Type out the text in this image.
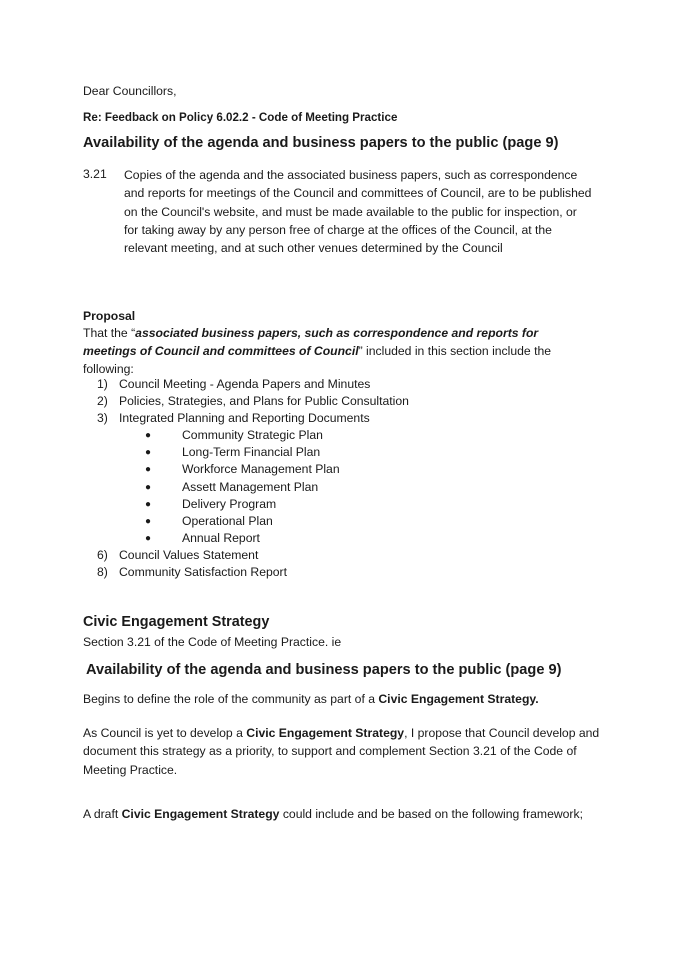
Dear Councillors,
Re: Feedback on Policy 6.02.2 - Code of Meeting Practice
Availability of the agenda and business papers to the public (page 9)
3.21 Copies of the agenda and the associated business papers, such as correspondence and reports for meetings of the Council and committees of Council, are to be published on the Council's website, and must be made available to the public for inspection, or for taking away by any person free of charge at the offices of the Council, at the relevant meeting, and at such other venues determined by the Council
Proposal
That the “associated business papers, such as correspondence and reports for meetings of Council and committees of Council” included in this section include the following:
1) Council Meeting - Agenda Papers and Minutes
2) Policies, Strategies, and Plans for Public Consultation
3) Integrated Planning and Reporting Documents
●	Community Strategic Plan
●	Long-Term Financial Plan
●	Workforce Management Plan
●	Assett Management Plan
●	Delivery Program
●	Operational Plan
●	Annual Report
6) Council Values Statement
8) Community Satisfaction Report
Civic Engagement Strategy
Section 3.21 of the Code of Meeting Practice. ie
Availability of the agenda and business papers to the public (page 9)
Begins to define the role of the community as part of a Civic Engagement Strategy.
As Council is yet to develop a Civic Engagement Strategy, I propose that Council develop and document this strategy as a priority, to support and complement Section 3.21 of the Code of Meeting Practice.
A draft Civic Engagement Strategy could include and be based on the following framework;
